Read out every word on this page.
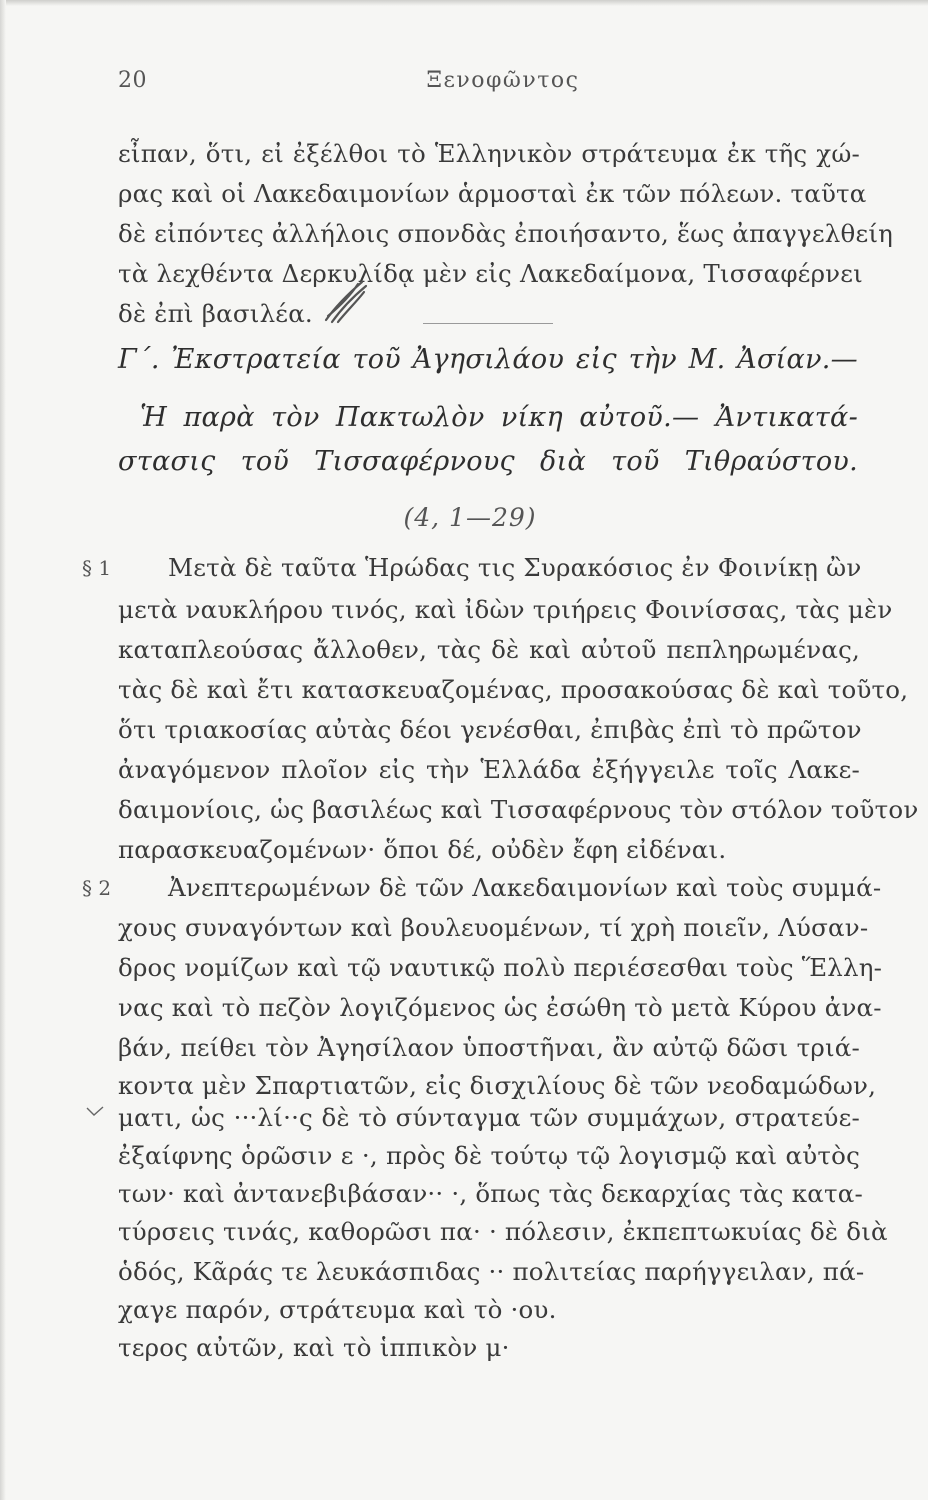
20	Ξενοφῶντος
εἶπαν, ὅτι, εἰ ἐξέλθοι τὸ Ἑλληνικὸν στράτευμα ἐκ τῆς χώ-
ρας καὶ οἱ Λακεδαιμονίων ἁρμοσταὶ ἐκ τῶν πόλεων. ταῦτα
δὲ εἰπόντες ἀλλήλοις σπονδὰς ἐποιήσαντο, ἕως ἀπαγγελθείη
τὰ λεχθέντα Δερκυλίδᾳ μὲν εἰς Λακεδαίμονα, Τισσαφέρνει
δὲ ἐπὶ βασιλέα.
Γ΄. Ἐκστρατεία τοῦ Ἀγησιλάου εἰς τὴν Μ. Ἀσίαν.—
Ἡ παρὰ τὸν Πακτωλὸν νίκη αὐτοῦ.— Ἀντικατά-
στασις τοῦ Τισσαφέρνους διὰ τοῦ Τιθραύστου.
(4, 1—29)
§ 1 Μετὰ δὲ ταῦτα Ἡρώδας τις Συρακόσιος ἐν Φοινίκῃ ὢν
μετὰ ναυκλήρου τινός, καὶ ἰδὼν τριήρεις Φοινίσσας, τὰς μὲν
καταπλεούσας ἄλλοθεν, τὰς δὲ καὶ αὐτοῦ πεπληρωμένας,
τὰς δὲ καὶ ἔτι κατασκευαζομένας, προσακούσας δὲ καὶ τοῦτο,
ὅτι τριακοσίας αὐτὰς δέοι γενέσθαι, ἐπιβὰς ἐπὶ τὸ πρῶτον
ἀναγόμενον πλοῖον εἰς τὴν Ἑλλάδα ἐξήγγειλε τοῖς Λακε-
δαιμονίοις, ὡς βασιλέως καὶ Τισσαφέρνους τὸν στόλον τοῦτον
παρασκευαζομένων· ὅποι δέ, οὐδὲν ἔφη εἰδέναι.
§ 2 Ἀνεπτερωμένων δὲ τῶν Λακεδαιμονίων καὶ τοὺς συμμά-
χους συναγόντων καὶ βουλευομένων, τί χρὴ ποιεῖν, Λύσαν-
δρος νομίζων καὶ τῷ ναυτικῷ πολὺ περιέσεσθαι τοὺς Ἕλλη-
νας καὶ τὸ πεζὸν λογιζόμενος ὡς ἐσώθη τὸ μετὰ Κύρου ἀνα-
βάν, πείθει τὸν Ἀγησίλαον ὑποστῆναι, ἂν αὐτῷ δῶσι τριά-
κοντα μὲν Σπαρτιατῶν, εἰς δισχιλίους δὲ τῶν νεοδαμώδων,
ματι, ὡς ···λί··ς δὲ τὸ σύνταγμα τῶν συμμάχων, στρατεύε-
ἐξαίφνης ὁρῶσιν ε ·, πρὸς δὲ τούτῳ τῷ λογισμῷ καὶ αὐτὸς
των· καὶ ἀντανεβιβάσαν·· ·, ὅπως τὰς δεκαρχίας τὰς κατα-
τύρσεις τινάς, καθορῶσι πα· · πόλεσιν, ἐκπεπτωκυίας δὲ διὰ
ὁδός, Κᾶράς τε λευκάσπιδας ·· πολιτείας παρήγγειλαν, πά-
χαγε παρόν, στράτευμα καὶ τὸ ·ου.
τερος αὐτῶν, καὶ τὸ ἱππικὸν μ·
